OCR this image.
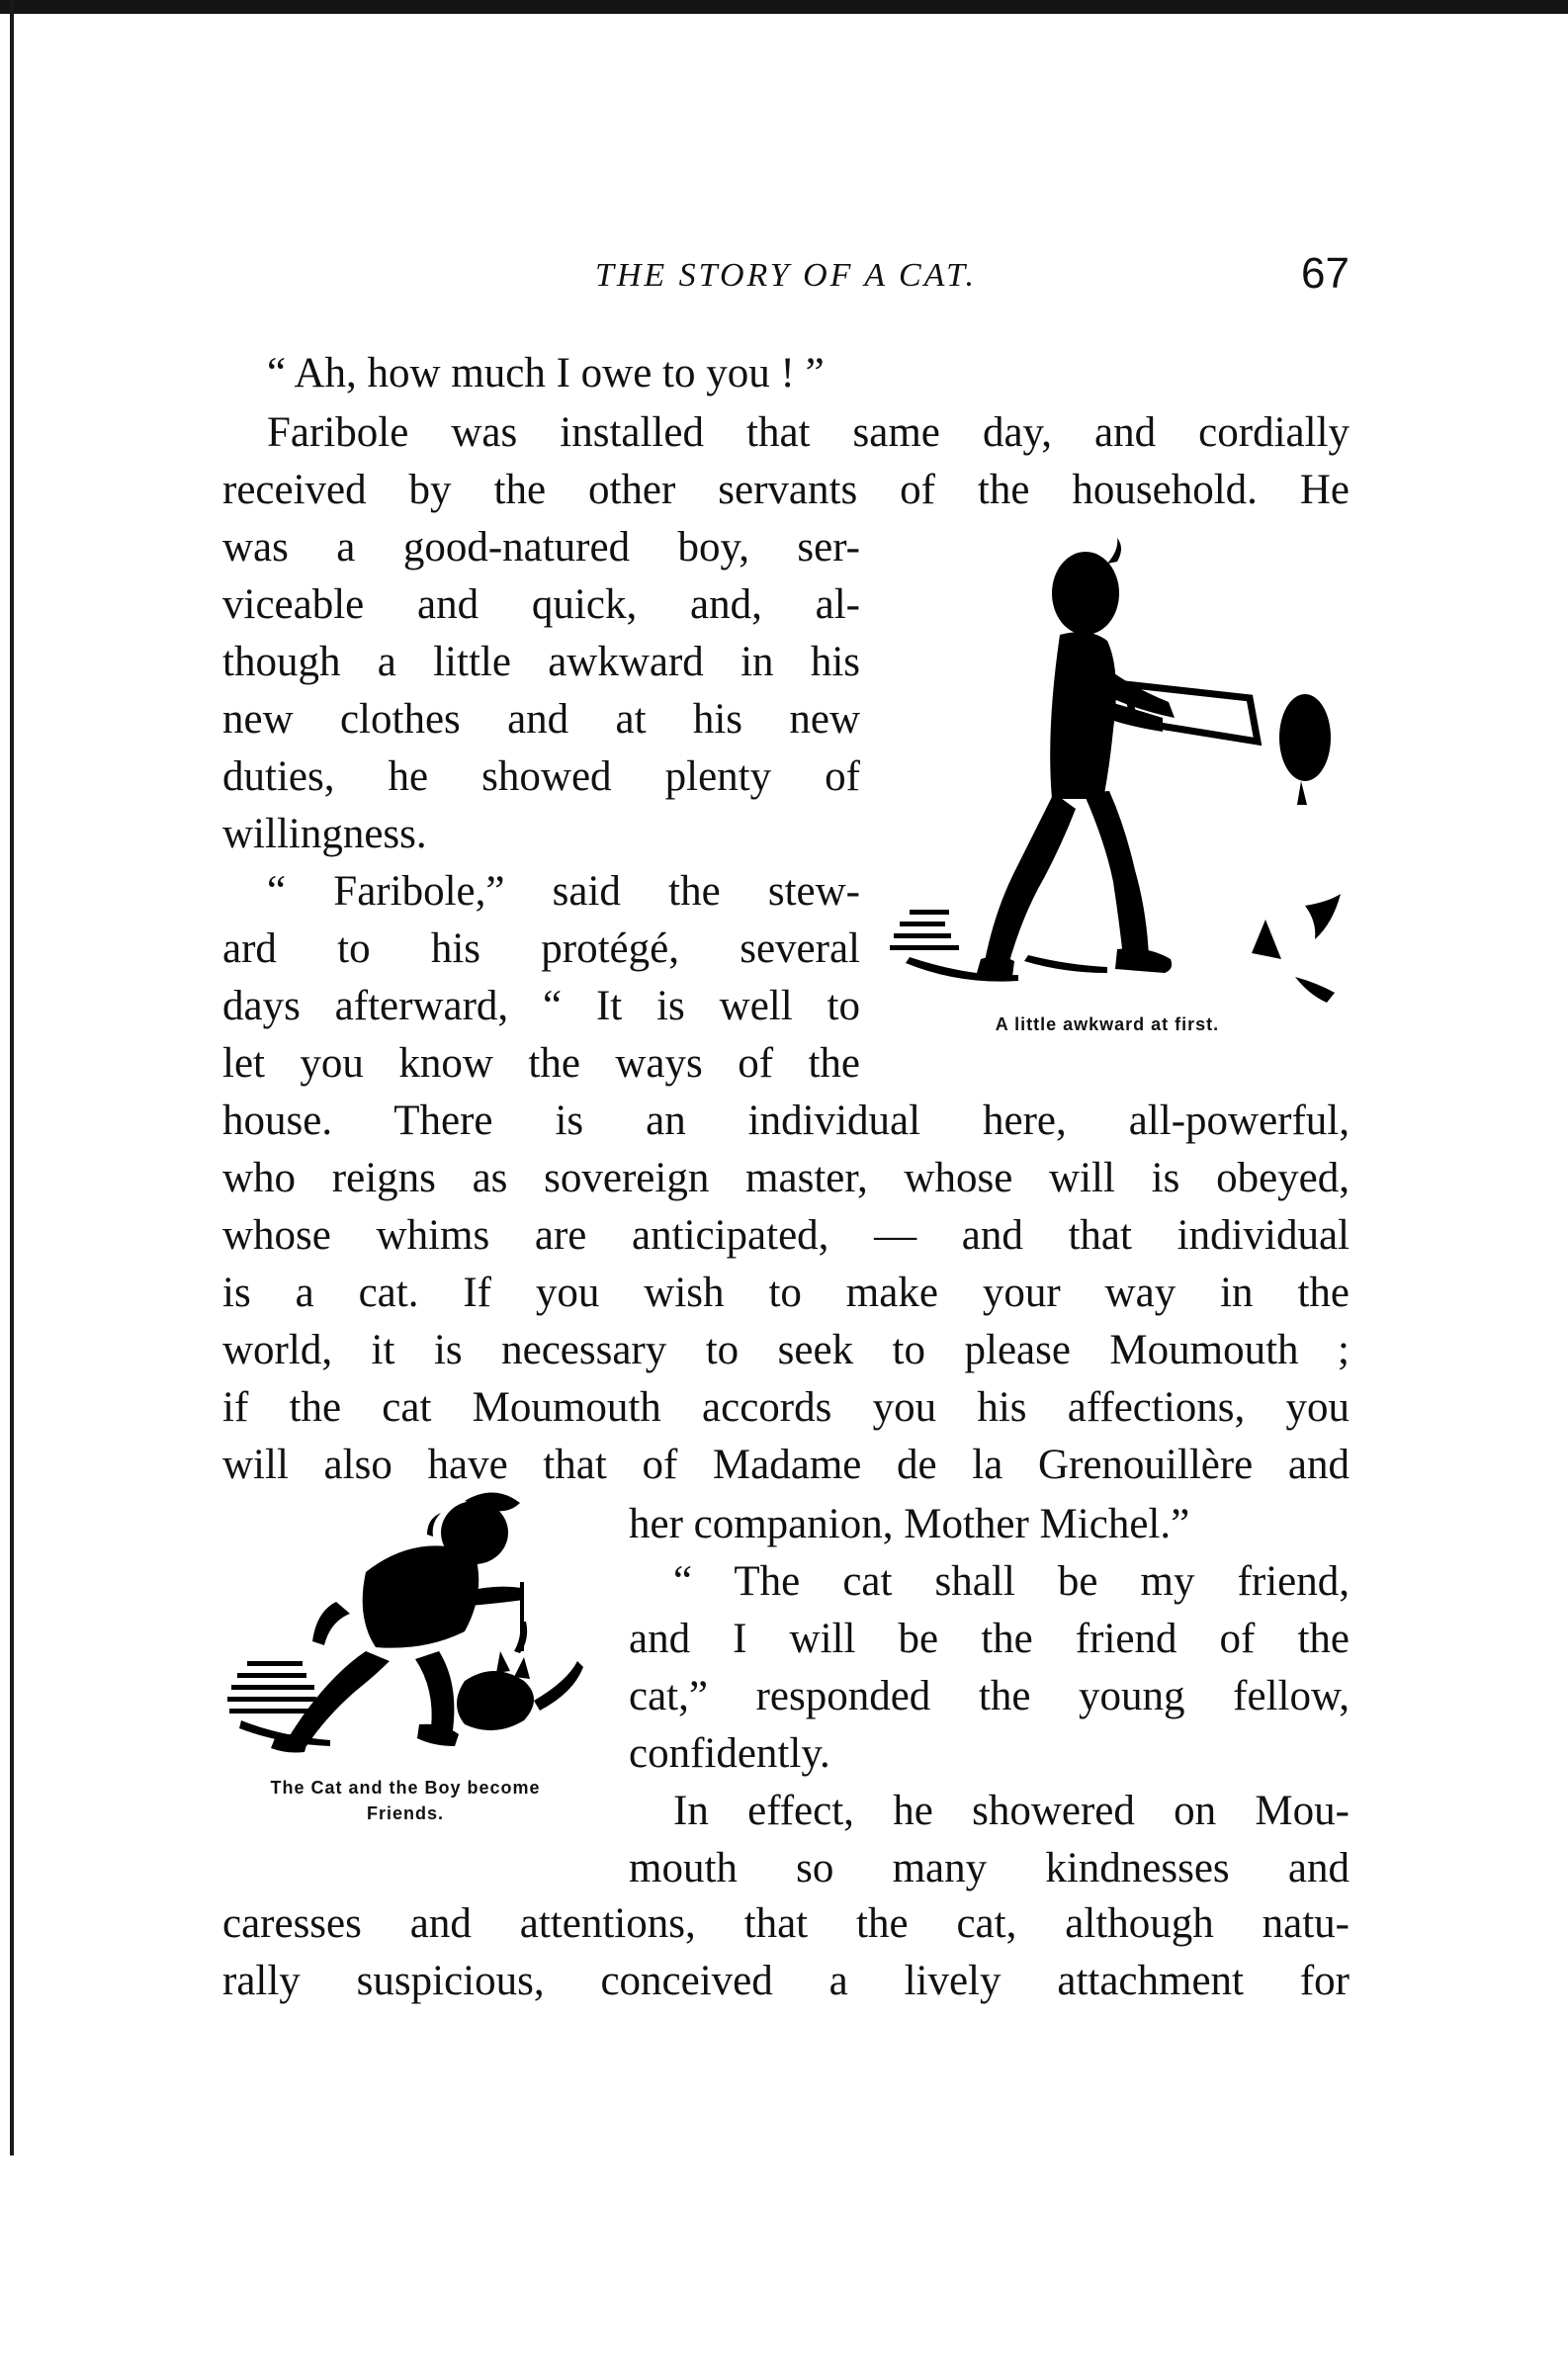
THE STORY OF A CAT.	67
“ Ah, how much I owe to you ! ”
Faribole was installed that same day, and cordially
received by the other servants of the household. He
was a good-natured boy, ser-
viceable and quick, and, al-
though a little awkward in his
new clothes and at his new
duties, he showed plenty of
willingness.
“ Faribole,” said the stew-
ard to his protégé, several
days afterward, “ It is well to
let you know the ways of the
house. There is an individual here, all-powerful,
who reigns as sovereign master, whose will is obeyed,
whose whims are anticipated, — and that individual
is a cat. If you wish to make your way in the
world, it is necessary to seek to please Moumouth ;
if the cat Moumouth accords you his affections, you
will also have that of Madame de la Grenouillère and
her companion, Mother Michel.”
“ The cat shall be my friend,
and I will be the friend of the
cat,” responded the young fellow,
confidently.
In effect, he showered on Mou-
mouth so many kindnesses and
caresses and attentions, that the cat, although natu-
rally suspicious, conceived a lively attachment for
A little awkward at first.
The Cat and the Boy become
Friends.
